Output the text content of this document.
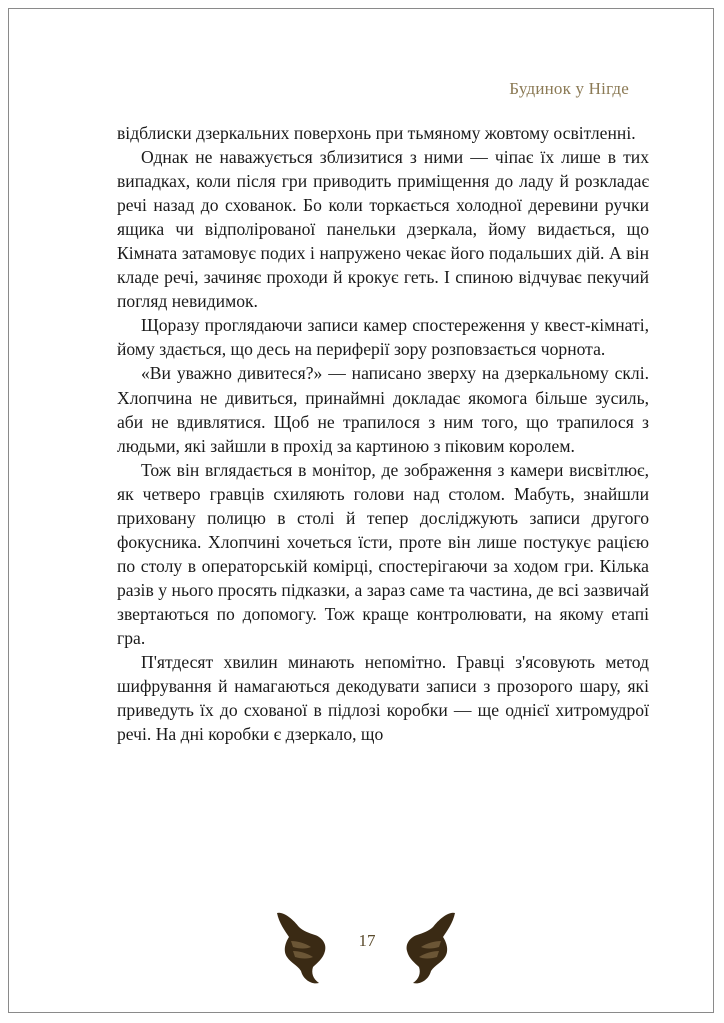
Будинок у Нігде

відблиски дзеркальних поверхонь при тьмяному жовтому освітленні.

Однак не наважується зблизитися з ними — чіпає їх лише в тих випадках, коли після гри приводить приміщення до ладу й розкладає речі назад до схованок. Бо коли торкається холодної деревини ручки ящика чи відполірованої панельки дзеркала, йому видається, що Кімната затамовує подих і напружено чекає його подальших дій. А він кладе речі, зачиняє проходи й крокує геть. І спиною відчуває пекучий погляд невидимок.

Щоразу проглядаючи записи камер спостереження у квест-кімнаті, йому здається, що десь на периферії зору розповзається чорнота.

«Ви уважно дивитеся?» — написано зверху на дзеркальному склі. Хлопчина не дивиться, принаймні докладає якомога більше зусиль, аби не вдивлятися. Щоб не трапилося з ним того, що трапилося з людьми, які зайшли в прохід за картиною з піковим королем.

Тож він вглядається в монітор, де зображення з камери висвітлює, як четверо гравців схиляють голови над столом. Мабуть, знайшли приховану полицю в столі й тепер досліджують записи другого фокусника. Хлопчині хочеться їсти, проте він лише постукує рацією по столу в операторській комірці, спостерігаючи за ходом гри. Кілька разів у нього просять підказки, а зараз саме та частина, де всі зазвичай звертаються по допомогу. Тож краще контролювати, на якому етапі гра.

П'ятдесят хвилин минають непомітно. Гравці з'ясовують метод шифрування й намагаються декодувати записи з прозорого шару, які приведуть їх до схованої в підлозі коробки — ще однієї хитромудрої речі. На дні коробки є дзеркало, що

17
